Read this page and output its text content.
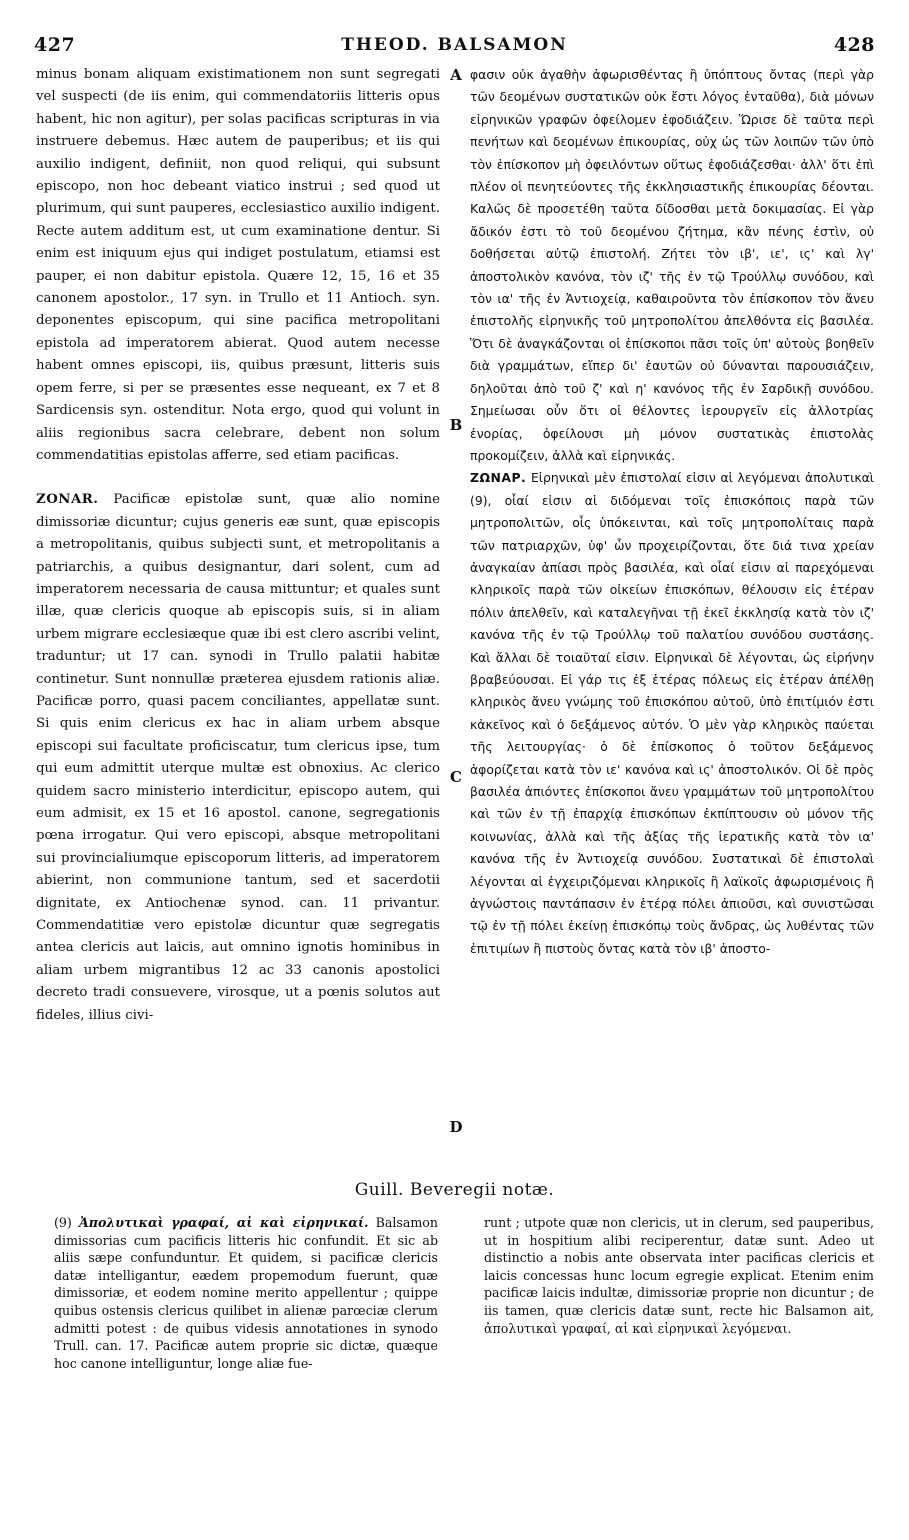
427	THEOD. BALSAMON	428

minus bonam aliquam existimationem non sunt segregati vel suspecti (de iis enim, qui commendatoriis litteris opus habent, hic non agitur), per solas pacificas scripturas in via instruere debemus. Hæc autem de pauperibus; et iis qui auxilio indigent, definiit, non quod reliqui, qui subsunt episcopo, non hoc debeant viatico instrui ; sed quod ut plurimum, qui sunt pauperes, ecclesiastico auxilio indigent. Recte autem additum est, ut cum examinatione dentur. Si enim est iniquum ejus qui indiget postulatum, etiamsi est pauper, ei non dabitur epistola. Quære 12, 15, 16 et 35 canonem apostolor., 17 syn. in Trullo et 11 Antioch. syn. deponentes episcopum, qui sine pacifica metropolitani epistola ad imperatorem abierat. Quod autem necesse habent omnes episcopi, iis, quibus præsunt, litteris suis opem ferre, si per se præsentes esse nequeant, ex 7 et 8 Sardicensis syn. ostenditur. Nota ergo, quod qui volunt in aliis regionibus sacra celebrare, debent non solum commendatitias epistolas afferre, sed etiam pacificas.

ZONAR. Pacificæ epistolæ sunt, quæ alio nomine dimissoriæ dicuntur; cujus generis eæ sunt, quæ episcopis a metropolitanis, quibus subjecti sunt, et metropolitanis a patriarchis, a quibus designantur, dari solent, cum ad imperatorem necessaria de causa mittuntur; et quales sunt illæ, quæ clericis quoque ab episcopis suis, si in aliam urbem migrare ecclesiæque quæ ibi est clero ascribi velint, traduntur; ut 17 can. synodi in Trullo palatii habitæ continetur. Sunt nonnullæ præterea ejusdem rationis aliæ. Pacificæ porro, quasi pacem conciliantes, appellatæ sunt. Si quis enim clericus ex hac in aliam urbem absque episcopi sui facultate proficiscatur, tum clericus ipse, tum qui eum admittit uterque multæ est obnoxius. Ac clerico quidem sacro ministerio interdicitur, episcopo autem, qui eum admisit, ex 15 et 16 apostol. canone, segregationis pœna irrogatur. Qui vero episcopi, absque metropolitani sui provincialiumque episcoporum litteris, ad imperatorem abierint, non communione tantum, sed et sacerdotii dignitate, ex Antiochenæ synod. can. 11 privantur. Commendatitiæ vero epistolæ dicuntur quæ segregatis antea clericis aut laicis, aut omnino ignotis hominibus in aliam urbem migrantibus 12 ac 33 canonis apostolici decreto tradi consuevere, virosque, ut a pœnis solutos aut fideles, illius civi-

A
B
C
D

φασιν οὐκ ἀγαθὴν ἀφωρισθέντας ἢ ὑπόπτους ὄντας (περὶ γὰρ τῶν δεομένων συστατικῶν οὐκ ἔστι λόγος ἐνταῦθα), διὰ μόνων εἰρηνικῶν γραφῶν ὀφείλομεν ἐφοδιάζειν. Ὥρισε δὲ ταῦτα περὶ πενήτων καὶ δεομένων ἐπικουρίας, οὐχ ὡς τῶν λοιπῶν τῶν ὑπὸ τὸν ἐπίσκοπον μὴ ὀφειλόντων οὕτως ἐφοδιάζεσθαι· ἀλλ' ὅτι ἐπὶ πλέον οἱ πενητεύοντες τῆς ἐκκλησιαστικῆς ἐπικουρίας δέονται. Καλῶς δὲ προσετέθη ταῦτα δίδοσθαι μετὰ δοκιμασίας. Εἰ γὰρ ἄδικόν ἐστι τὸ τοῦ δεομένου ζήτημα, κἂν πένης ἐστὶν, οὐ δοθήσεται αὐτῷ ἐπιστολή. Ζήτει τὸν ιβ', ιε', ις' καὶ λγ' ἀποστολικὸν κανόνα, τὸν ιζ' τῆς ἐν τῷ Τρούλλῳ συνόδου, καὶ τὸν ια' τῆς ἐν Ἀντιοχείᾳ, καθαιροῦντα τὸν ἐπίσκοπον τὸν ἄνευ ἐπιστολῆς εἰρηνικῆς τοῦ μητροπολίτου ἀπελθόντα εἰς βασιλέα. Ὅτι δὲ ἀναγκάζονται οἱ ἐπίσκοποι πᾶσι τοῖς ὑπ' αὐτοὺς βοηθεῖν διὰ γραμμάτων, εἴπερ δι' ἑαυτῶν οὐ δύνανται παρουσιάζειν, δηλοῦται ἀπὸ τοῦ ζ' καὶ η' κανόνος τῆς ἐν Σαρδικῇ συνόδου. Σημείωσαι οὖν ὅτι οἱ θέλοντες ἱερουργεῖν εἰς ἀλλοτρίας ἐνορίας, ὀφείλουσι μὴ μόνον συστατικὰς ἐπιστολὰς προκομίζειν, ἀλλὰ καὶ εἰρηνικάς.

ΖΩΝΑΡ. Εἰρηνικαὶ μὲν ἐπιστολαί εἰσιν αἱ λεγόμεναι ἀπολυτικαὶ (9), οἷαί εἰσιν αἱ διδόμεναι τοῖς ἐπισκόποις παρὰ τῶν μητροπολιτῶν, οἷς ὑπόκεινται, καὶ τοῖς μητροπολίταις παρὰ τῶν πατριαρχῶν, ὑφ' ὧν προχειρίζονται, ὅτε διά τινα χρείαν ἀναγκαίαν ἀπίασι πρὸς βασιλέα, καὶ οἷαί εἰσιν αἱ παρεχόμεναι κληρικοῖς παρὰ τῶν οἰκείων ἐπισκόπων, θέλουσιν εἰς ἑτέραν πόλιν ἀπελθεῖν, καὶ καταλεγῆναι τῇ ἐκεῖ ἐκκλησίᾳ κατὰ τὸν ιζ' κανόνα τῆς ἐν τῷ Τρούλλῳ τοῦ παλατίου συνόδου συστάσης. Καὶ ἄλλαι δὲ τοιαῦταί εἰσιν. Εἰρηνικαὶ δὲ λέγονται, ὡς εἰρήνην βραβεύουσαι. Εἰ γάρ τις ἐξ ἑτέρας πόλεως εἰς ἑτέραν ἀπέλθῃ κληρικὸς ἄνευ γνώμης τοῦ ἐπισκόπου αὐτοῦ, ὑπὸ ἐπιτίμιόν ἐστι κἀκεῖνος καὶ ὁ δεξάμενος αὐτόν. Ὁ μὲν γὰρ κληρικὸς παύεται τῆς λειτουργίας· ὁ δὲ ἐπίσκοπος ὁ τοῦτον δεξάμενος ἀφορίζεται κατὰ τὸν ιε' κανόνα καὶ ις' ἀποστολικόν. Οἱ δὲ πρὸς βασιλέα ἀπιόντες ἐπίσκοποι ἄνευ γραμμάτων τοῦ μητροπολίτου καὶ τῶν ἐν τῇ ἐπαρχίᾳ ἐπισκόπων ἐκπίπτουσιν οὐ μόνον τῆς κοινωνίας, ἀλλὰ καὶ τῆς ἀξίας τῆς ἱερατικῆς κατὰ τὸν ια' κανόνα τῆς ἐν Ἀντιοχείᾳ συνόδου. Συστατικαὶ δὲ ἐπιστολαὶ λέγονται αἱ ἐγχειριζόμεναι κληρικοῖς ἢ λαϊκοῖς ἀφωρισμένοις ἢ ἀγνώστοις παντάπασιν ἐν ἑτέρᾳ πόλει ἀπιοῦσι, καὶ συνιστῶσαι τῷ ἐν τῇ πόλει ἐκείνῃ ἐπισκόπῳ τοὺς ἄνδρας, ὡς λυθέντας τῶν ἐπιτιμίων ἢ πιστοὺς ὄντας κατὰ τὸν ιβ' ἀποστο-

Guill. Beveregii notæ.

(9) Ἀπολυτικαὶ γραφαί, αἱ καὶ εἰρηνικαί. Balsamon dimissorias cum pacificis litteris hic confundit. Et sic ab aliis sæpe confunduntur. Et quidem, si pacificæ clericis datæ intelligantur, eædem propemodum fuerunt, quæ dimissoriæ, et eodem nomine merito appellentur ; quippe quibus ostensis clericus quilibet in alienæ parœciæ clerum admitti potest : de quibus videsis annotationes in synodo Trull. can. 17. Pacificæ autem proprie sic dictæ, quæque hoc canone intelliguntur, longe aliæ fue-

runt ; utpote quæ non clericis, ut in clerum, sed pauperibus, ut in hospitium alibi reciperentur, datæ sunt. Adeo ut distinctio a nobis ante observata inter pacificas clericis et laicis concessas hunc locum egregie explicat. Etenim enim pacificæ laicis indultæ, dimissoriæ proprie non dicuntur ; de iis tamen, quæ clericis datæ sunt, recte hic Balsamon ait, ἀπολυτικαὶ γραφαί, αἱ καὶ εἰρηνικαὶ λεγόμεναι.
